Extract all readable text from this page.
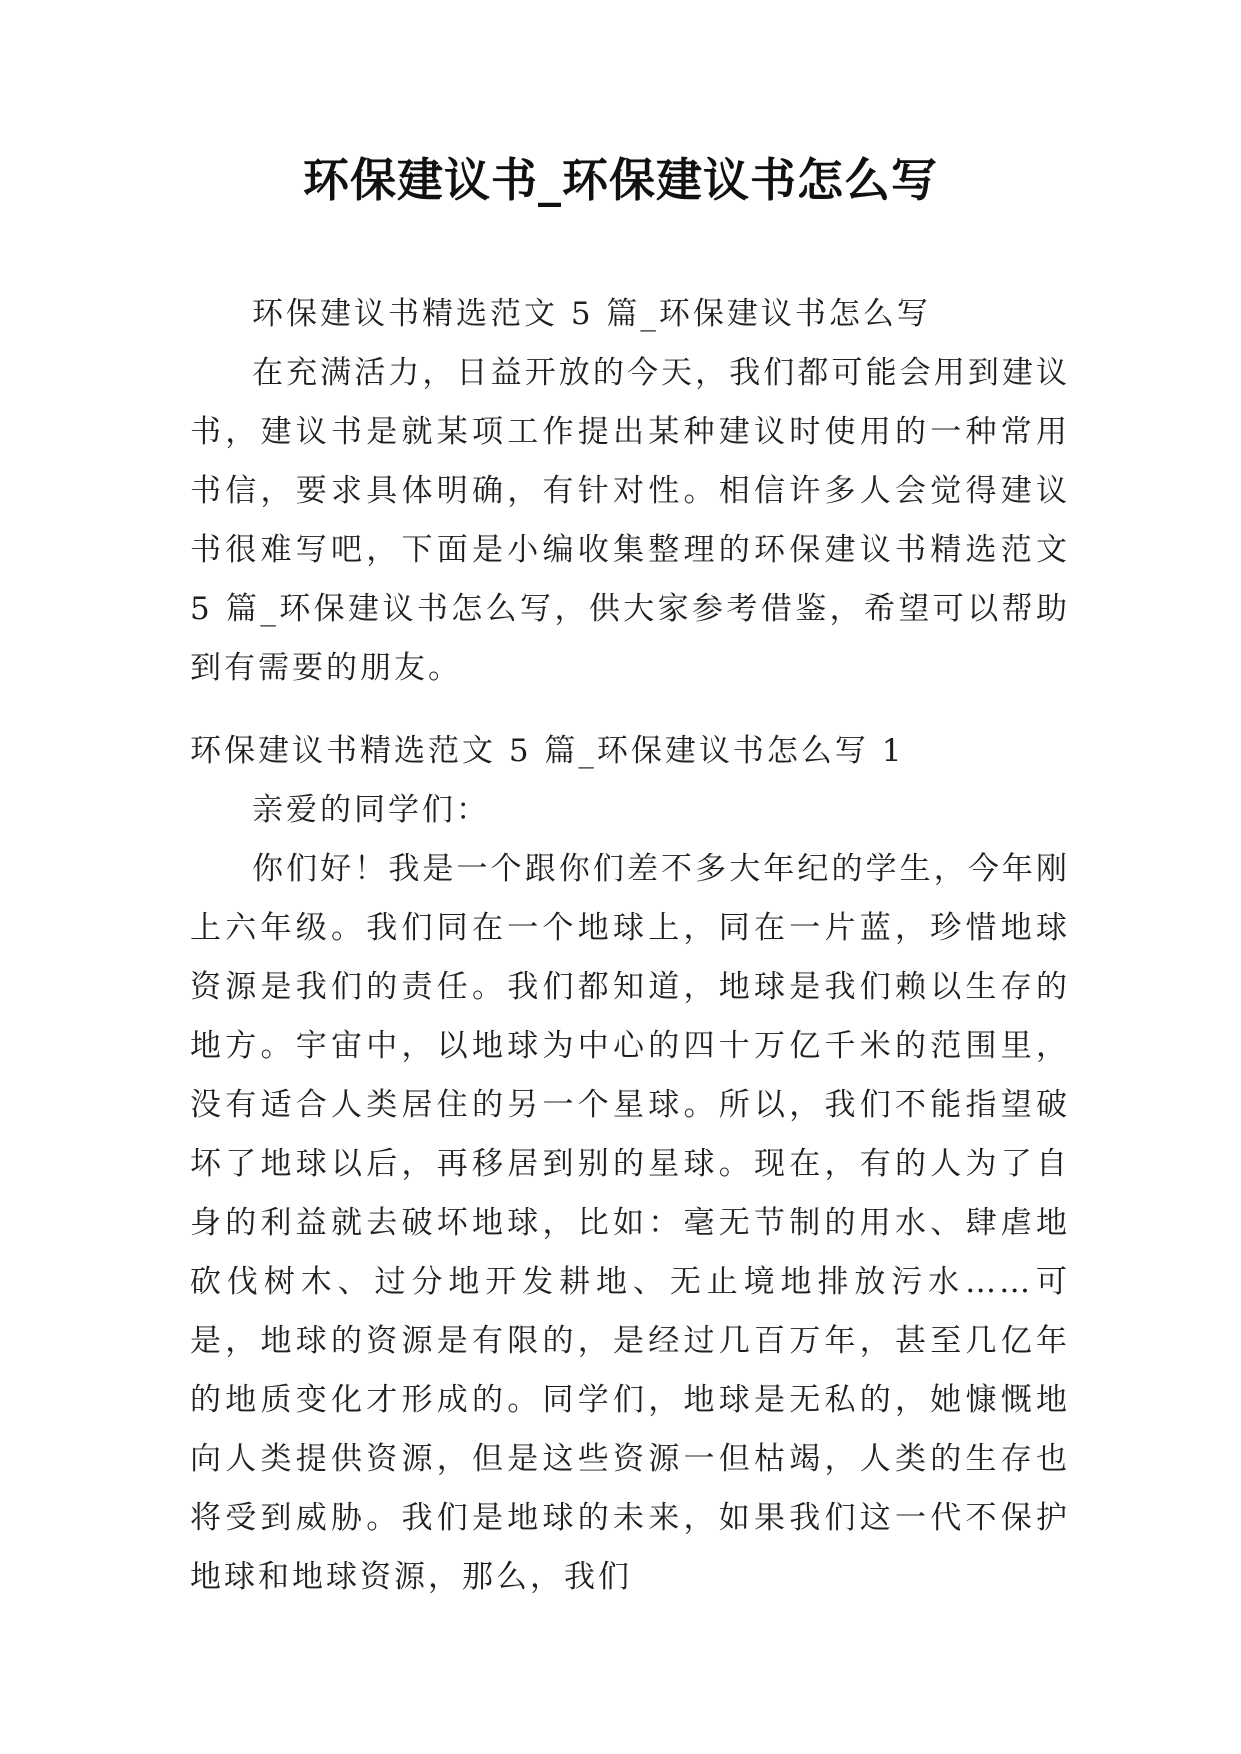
环保建议书_环保建议书怎么写

环保建议书精选范文 5 篇_环保建议书怎么写

在充满活力，日益开放的今天，我们都可能会用到建议书，建议书是就某项工作提出某种建议时使用的一种常用书信，要求具体明确，有针对性。相信许多人会觉得建议书很难写吧，下面是小编收集整理的环保建议书精选范文 5 篇_环保建议书怎么写，供大家参考借鉴，希望可以帮助到有需要的朋友。

环保建议书精选范文 5 篇_环保建议书怎么写 1

亲爱的同学们：

你们好！我是一个跟你们差不多大年纪的学生，今年刚上六年级。我们同在一个地球上，同在一片蓝，珍惜地球资源是我们的责任。我们都知道，地球是我们赖以生存的地方。宇宙中，以地球为中心的四十万亿千米的范围里，没有适合人类居住的另一个星球。所以，我们不能指望破坏了地球以后，再移居到别的星球。现在，有的人为了自身的利益就去破坏地球，比如：毫无节制的用水、肆虐地砍伐树木、过分地开发耕地、无止境地排放污水……可是，地球的资源是有限的，是经过几百万年，甚至几亿年的地质变化才形成的。同学们，地球是无私的，她慷慨地向人类提供资源，但是这些资源一但枯竭，人类的生存也将受到威胁。我们是地球的未来，如果我们这一代不保护地球和地球资源，那么，我们
